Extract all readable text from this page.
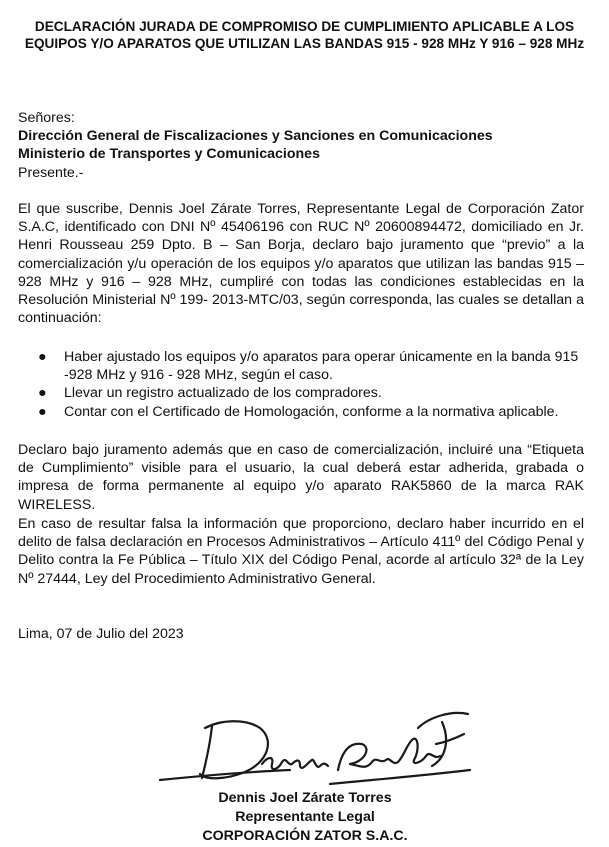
DECLARACIÓN JURADA DE COMPROMISO DE CUMPLIMIENTO APLICABLE A LOS EQUIPOS Y/O APARATOS QUE UTILIZAN LAS BANDAS 915 - 928 MHz Y 916 – 928 MHz
Señores:
Dirección General de Fiscalizaciones y Sanciones en Comunicaciones
Ministerio de Transportes y Comunicaciones
Presente.-
El que suscribe, Dennis Joel Zárate Torres, Representante Legal de Corporación Zator S.A.C, identificado con DNI Nº 45406196 con RUC Nº 20600894472, domiciliado en Jr. Henri Rousseau 259 Dpto. B – San Borja, declaro bajo juramento que “previo” a la comercialización y/u operación de los equipos y/o aparatos que utilizan las bandas 915 – 928 MHz y 916 – 928 MHz, cumpliré con todas las condiciones establecidas en la Resolución Ministerial Nº 199- 2013-MTC/03, según corresponda, las cuales se detallan a continuación:
● Haber ajustado los equipos y/o aparatos para operar únicamente en la banda 915 -928 MHz y 916 - 928 MHz, según el caso.
● Llevar un registro actualizado de los compradores.
● Contar con el Certificado de Homologación, conforme a la normativa aplicable.
Declaro bajo juramento además que en caso de comercialización, incluiré una “Etiqueta de Cumplimiento” visible para el usuario, la cual deberá estar adherida, grabada o impresa de forma permanente al equipo y/o aparato RAK5860 de la marca RAK WIRELESS.
En caso de resultar falsa la información que proporciono, declaro haber incurrido en el delito de falsa declaración en Procesos Administrativos – Artículo 411º del Código Penal y Delito contra la Fe Pública – Título XIX del Código Penal, acorde al artículo 32ª de la Ley Nº 27444, Ley del Procedimiento Administrativo General.
Lima, 07 de Julio del 2023
Dennis Joel Zárate Torres
Representante Legal
CORPORACIÓN ZATOR S.A.C.
